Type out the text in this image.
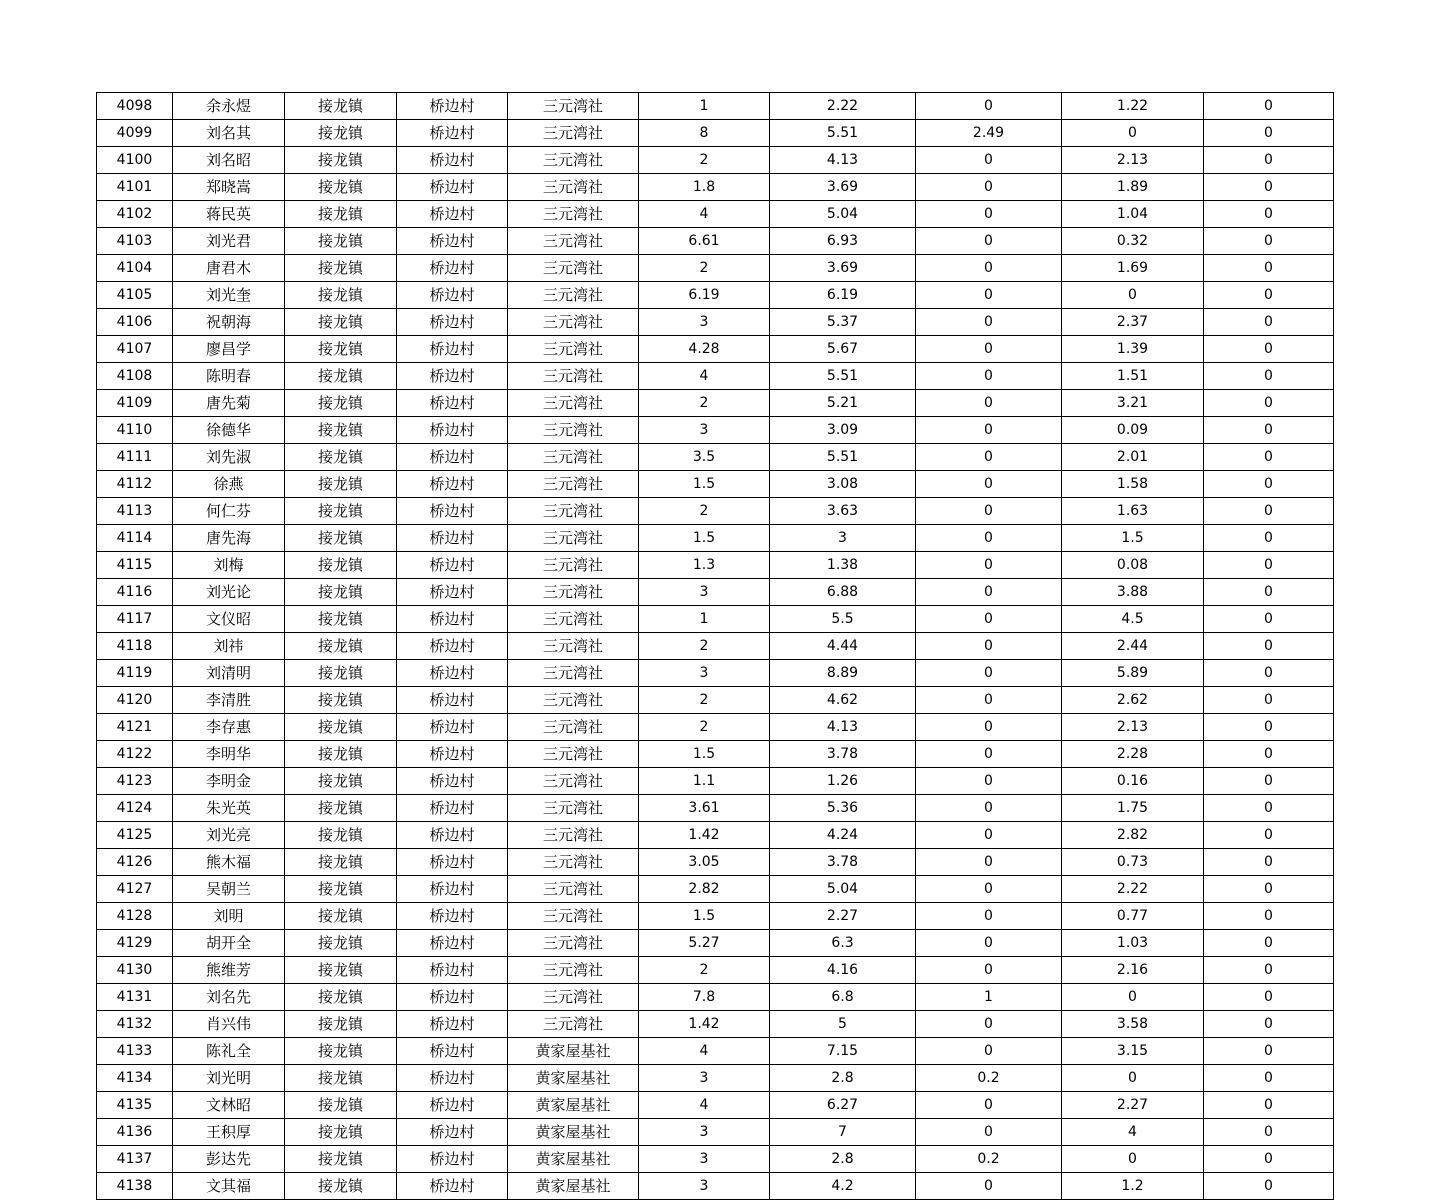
4098	余永煜	接龙镇	桥边村	三元湾社	1	2.22	0	1.22	0
4099	刘名其	接龙镇	桥边村	三元湾社	8	5.51	2.49	0	0
4100	刘名昭	接龙镇	桥边村	三元湾社	2	4.13	0	2.13	0
4101	郑晓嵩	接龙镇	桥边村	三元湾社	1.8	3.69	0	1.89	0
4102	蒋民英	接龙镇	桥边村	三元湾社	4	5.04	0	1.04	0
4103	刘光君	接龙镇	桥边村	三元湾社	6.61	6.93	0	0.32	0
4104	唐君木	接龙镇	桥边村	三元湾社	2	3.69	0	1.69	0
4105	刘光奎	接龙镇	桥边村	三元湾社	6.19	6.19	0	0	0
4106	祝朝海	接龙镇	桥边村	三元湾社	3	5.37	0	2.37	0
4107	廖昌学	接龙镇	桥边村	三元湾社	4.28	5.67	0	1.39	0
4108	陈明春	接龙镇	桥边村	三元湾社	4	5.51	0	1.51	0
4109	唐先菊	接龙镇	桥边村	三元湾社	2	5.21	0	3.21	0
4110	徐德华	接龙镇	桥边村	三元湾社	3	3.09	0	0.09	0
4111	刘先淑	接龙镇	桥边村	三元湾社	3.5	5.51	0	2.01	0
4112	徐燕	接龙镇	桥边村	三元湾社	1.5	3.08	0	1.58	0
4113	何仁芬	接龙镇	桥边村	三元湾社	2	3.63	0	1.63	0
4114	唐先海	接龙镇	桥边村	三元湾社	1.5	3	0	1.5	0
4115	刘梅	接龙镇	桥边村	三元湾社	1.3	1.38	0	0.08	0
4116	刘光论	接龙镇	桥边村	三元湾社	3	6.88	0	3.88	0
4117	文仪昭	接龙镇	桥边村	三元湾社	1	5.5	0	4.5	0
4118	刘祎	接龙镇	桥边村	三元湾社	2	4.44	0	2.44	0
4119	刘清明	接龙镇	桥边村	三元湾社	3	8.89	0	5.89	0
4120	李清胜	接龙镇	桥边村	三元湾社	2	4.62	0	2.62	0
4121	李存惠	接龙镇	桥边村	三元湾社	2	4.13	0	2.13	0
4122	李明华	接龙镇	桥边村	三元湾社	1.5	3.78	0	2.28	0
4123	李明金	接龙镇	桥边村	三元湾社	1.1	1.26	0	0.16	0
4124	朱光英	接龙镇	桥边村	三元湾社	3.61	5.36	0	1.75	0
4125	刘光亮	接龙镇	桥边村	三元湾社	1.42	4.24	0	2.82	0
4126	熊木福	接龙镇	桥边村	三元湾社	3.05	3.78	0	0.73	0
4127	吴朝兰	接龙镇	桥边村	三元湾社	2.82	5.04	0	2.22	0
4128	刘明	接龙镇	桥边村	三元湾社	1.5	2.27	0	0.77	0
4129	胡开全	接龙镇	桥边村	三元湾社	5.27	6.3	0	1.03	0
4130	熊维芳	接龙镇	桥边村	三元湾社	2	4.16	0	2.16	0
4131	刘名先	接龙镇	桥边村	三元湾社	7.8	6.8	1	0	0
4132	肖兴伟	接龙镇	桥边村	三元湾社	1.42	5	0	3.58	0
4133	陈礼全	接龙镇	桥边村	黄家屋基社	4	7.15	0	3.15	0
4134	刘光明	接龙镇	桥边村	黄家屋基社	3	2.8	0.2	0	0
4135	文林昭	接龙镇	桥边村	黄家屋基社	4	6.27	0	2.27	0
4136	王积厚	接龙镇	桥边村	黄家屋基社	3	7	0	4	0
4137	彭达先	接龙镇	桥边村	黄家屋基社	3	2.8	0.2	0	0
4138	文其福	接龙镇	桥边村	黄家屋基社	3	4.2	0	1.2	0
